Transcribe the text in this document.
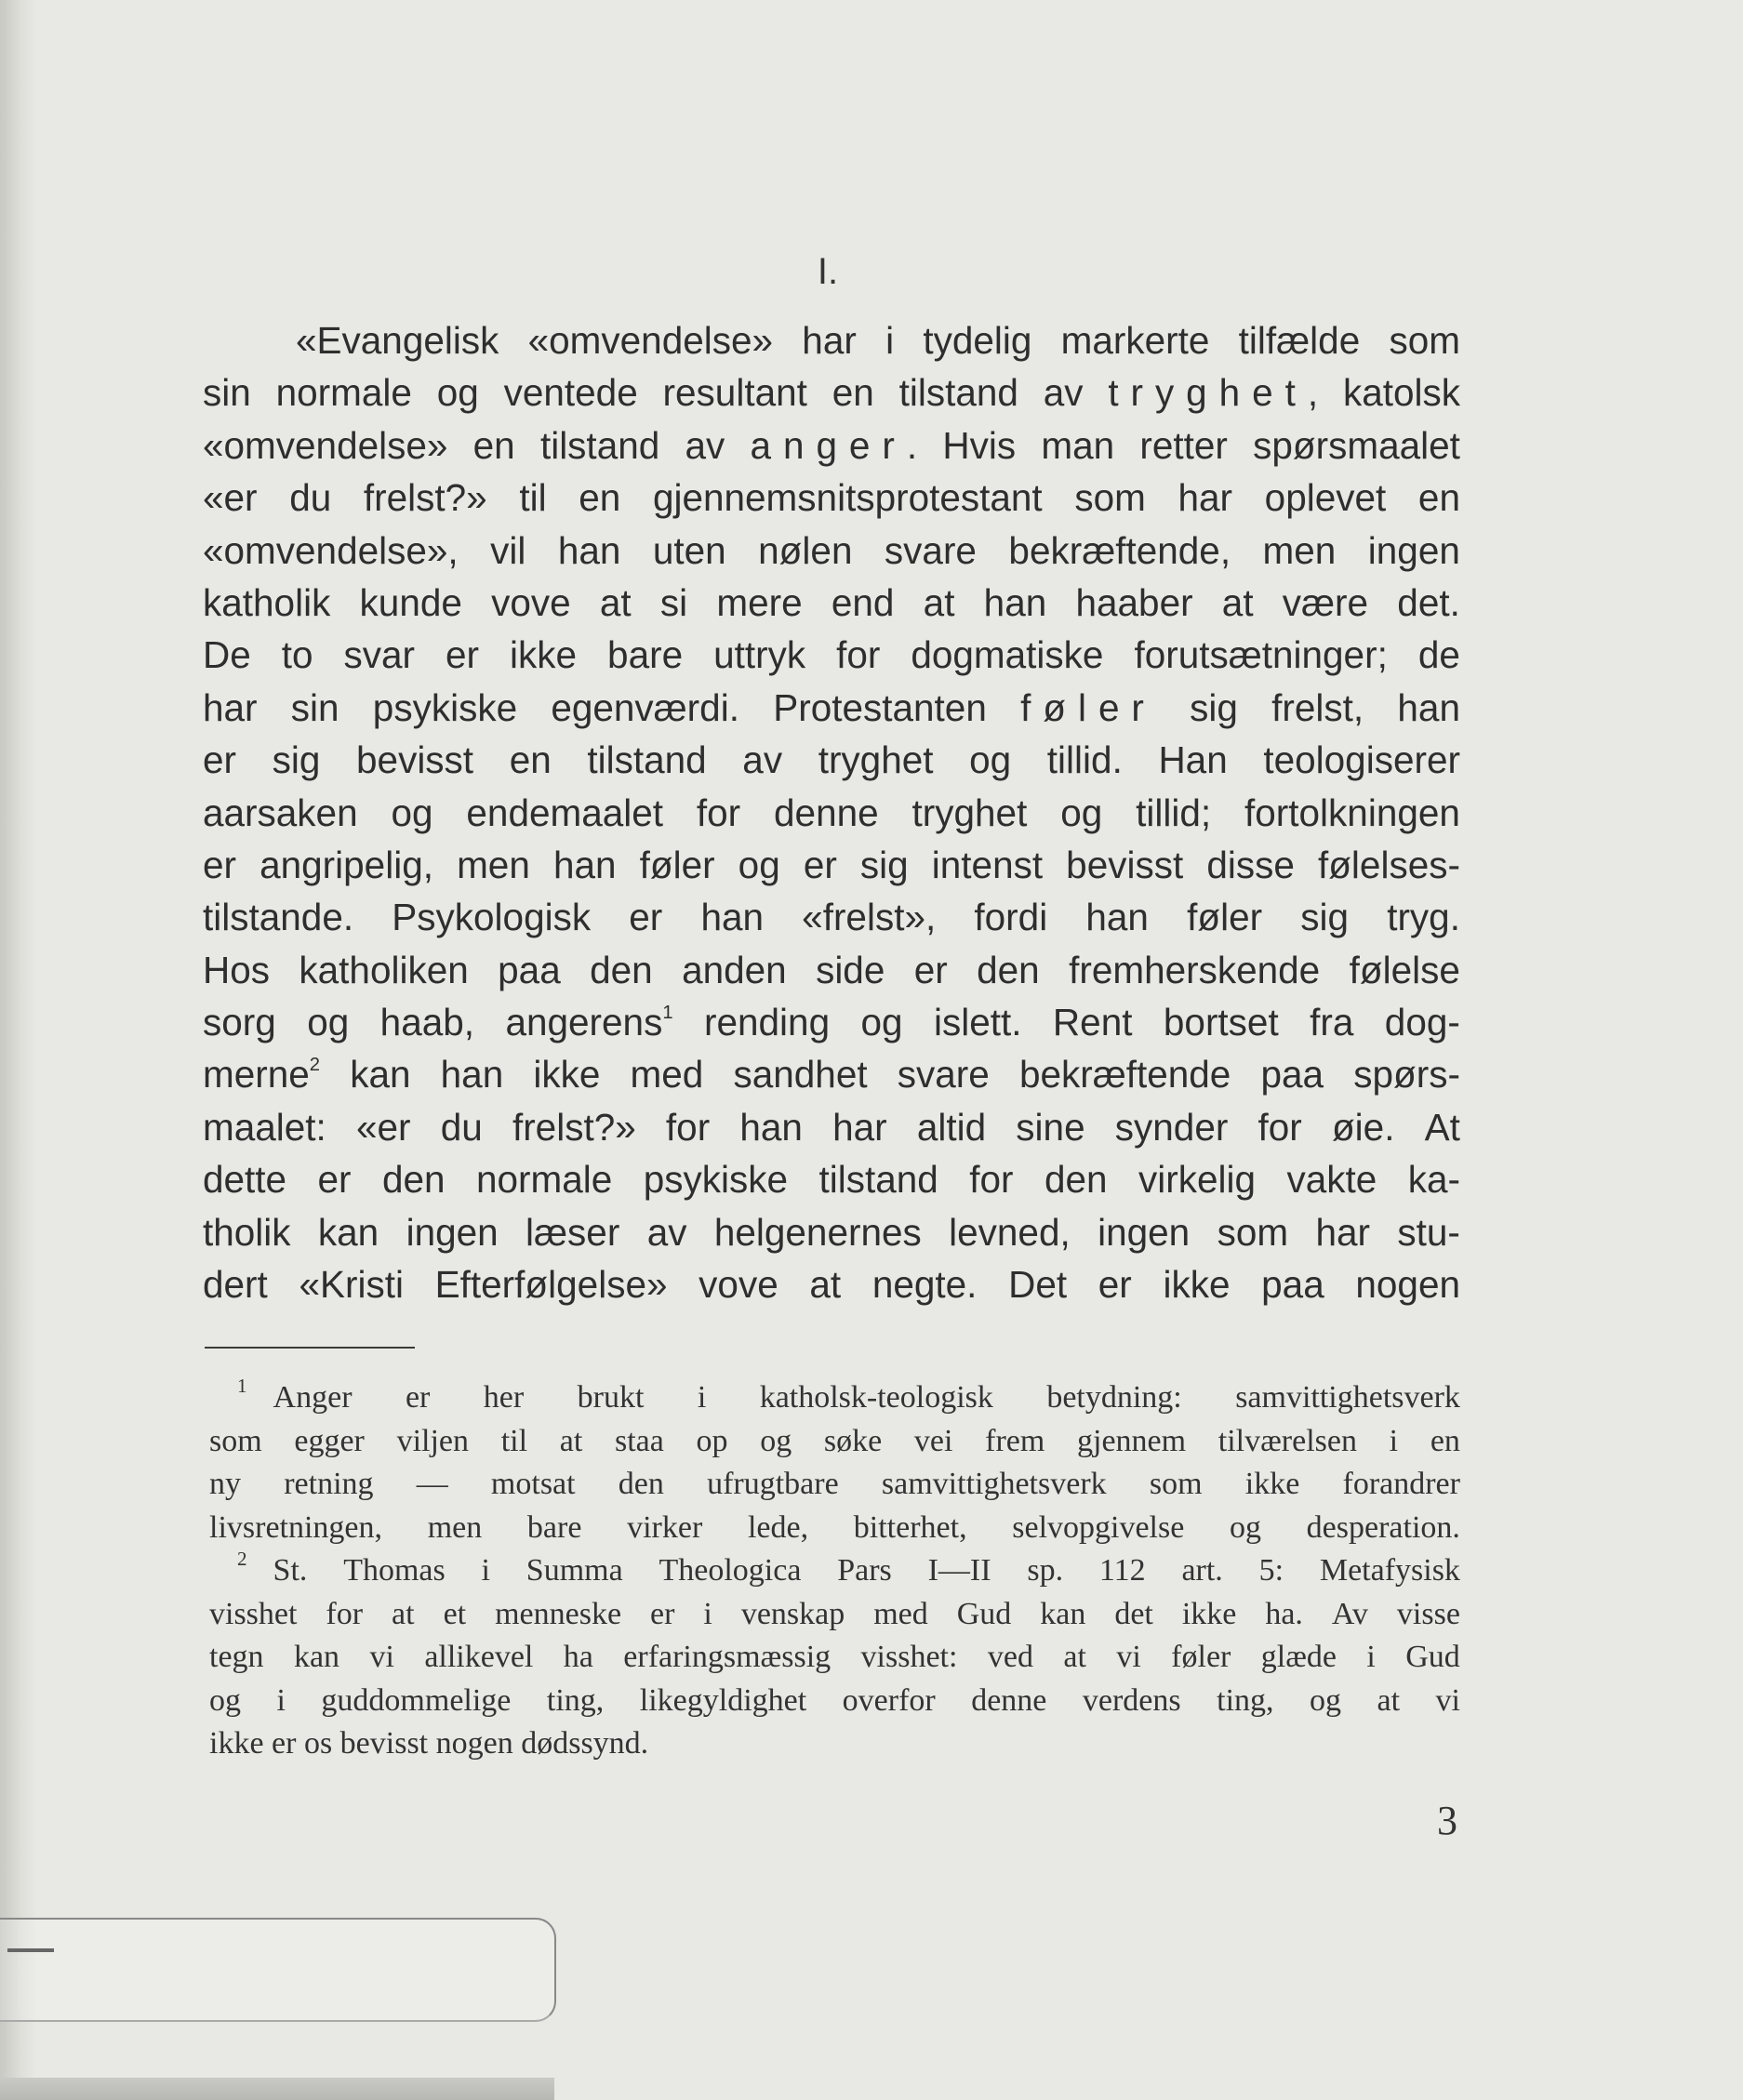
I.
«Evangelisk «omvendelse» har i tydelig markerte tilfælde som
sin normale og ventede resultant en tilstand av tryghet, katolsk
«omvendelse» en tilstand av anger. Hvis man retter spørsmaalet
«er du frelst?» til en gjennemsnitsprotestant som har oplevet en
«omvendelse», vil han uten nølen svare bekræftende, men ingen
katholik kunde vove at si mere end at han haaber at være det.
De to svar er ikke bare uttryk for dogmatiske forutsætninger; de
har sin psykiske egenværdi. Protestanten føler sig frelst, han
er sig bevisst en tilstand av tryghet og tillid. Han teologiserer
aarsaken og endemaalet for denne tryghet og tillid; fortolkningen
er angripelig, men han føler og er sig intenst bevisst disse følelses-
tilstande. Psykologisk er han «frelst», fordi han føler sig tryg.
Hos katholiken paa den anden side er den fremherskende følelse
sorg og haab, angerens$^1$ rending og islett. Rent bortset fra dog-
merne$^2$ kan han ikke med sandhet svare bekræftende paa spørs-
maalet: «er du frelst?» for han har altid sine synder for øie. At
dette er den normale psykiske tilstand for den virkelig vakte ka-
tholik kan ingen læser av helgenernes levned, ingen som har stu-
dert «Kristi Efterfølgelse» vove at negte. Det er ikke paa nogen
$^1$ Anger er her brukt i katholsk-teologisk betydning: samvittighetsverk
som egger viljen til at staa op og søke vei frem gjennem tilværelsen i en
ny retning — motsat den ufrugtbare samvittighetsverk som ikke forandrer
livsretningen, men bare virker lede, bitterhet, selvopgivelse og desperation.
$^2$ St. Thomas i Summa Theologica Pars I—II sp. 112 art. 5: Metafysisk
visshet for at et menneske er i venskap med Gud kan det ikke ha. Av visse
tegn kan vi allikevel ha erfaringsmæssig visshet: ved at vi føler glæde i Gud
og i guddommelige ting, likegyldighet overfor denne verdens ting, og at vi
ikke er os bevisst nogen dødssynd.
3
